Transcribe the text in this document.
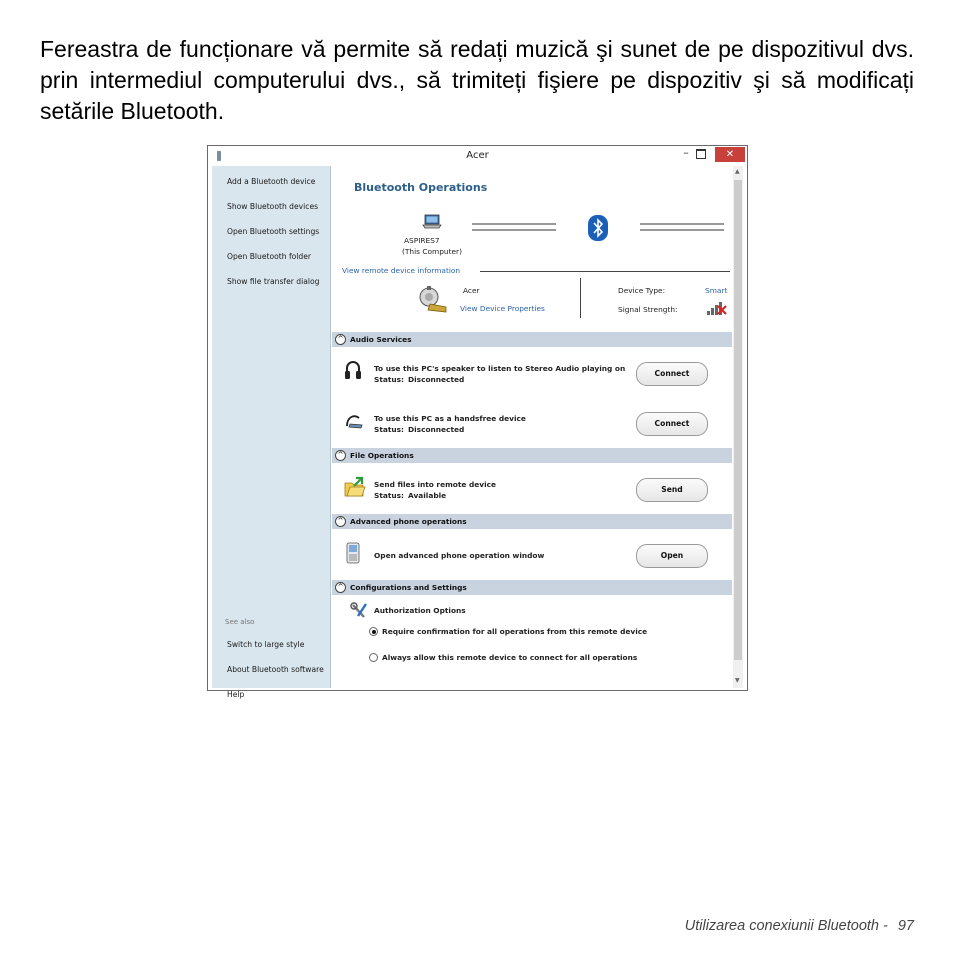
Fereastra de funcționare vă permite să redați muzică şi sunet de pe dispozitivul dvs. prin intermediul computerului dvs., să trimiteți fişiere pe dispozitiv şi să modificați setările Bluetooth.

Acer	–	✕
Add a Bluetooth device
Show Bluetooth devices
Open Bluetooth settings
Open Bluetooth folder
Show file transfer dialog
See also
Switch to large style
About Bluetooth software
Help
Bluetooth Operations
ASPIRES7
(This Computer)
View remote device information
Acer
View Device Properties
Device Type:	Smart
Signal Strength:
^ Audio Services
To use this PC's speaker to listen to Stereo Audio playing on
Status: Disconnected
Connect
To use this PC as a handsfree device
Status: Disconnected
Connect
^ File Operations
Send files into remote device
Status: Available
Send
^ Advanced phone operations
Open advanced phone operation window	Open
^ Configurations and Settings
Authorization Options
Require confirmation for all operations from this remote device
Always allow this remote device to connect for all operations
▲
▼
Utilizarea conexiunii Bluetooth - 97
